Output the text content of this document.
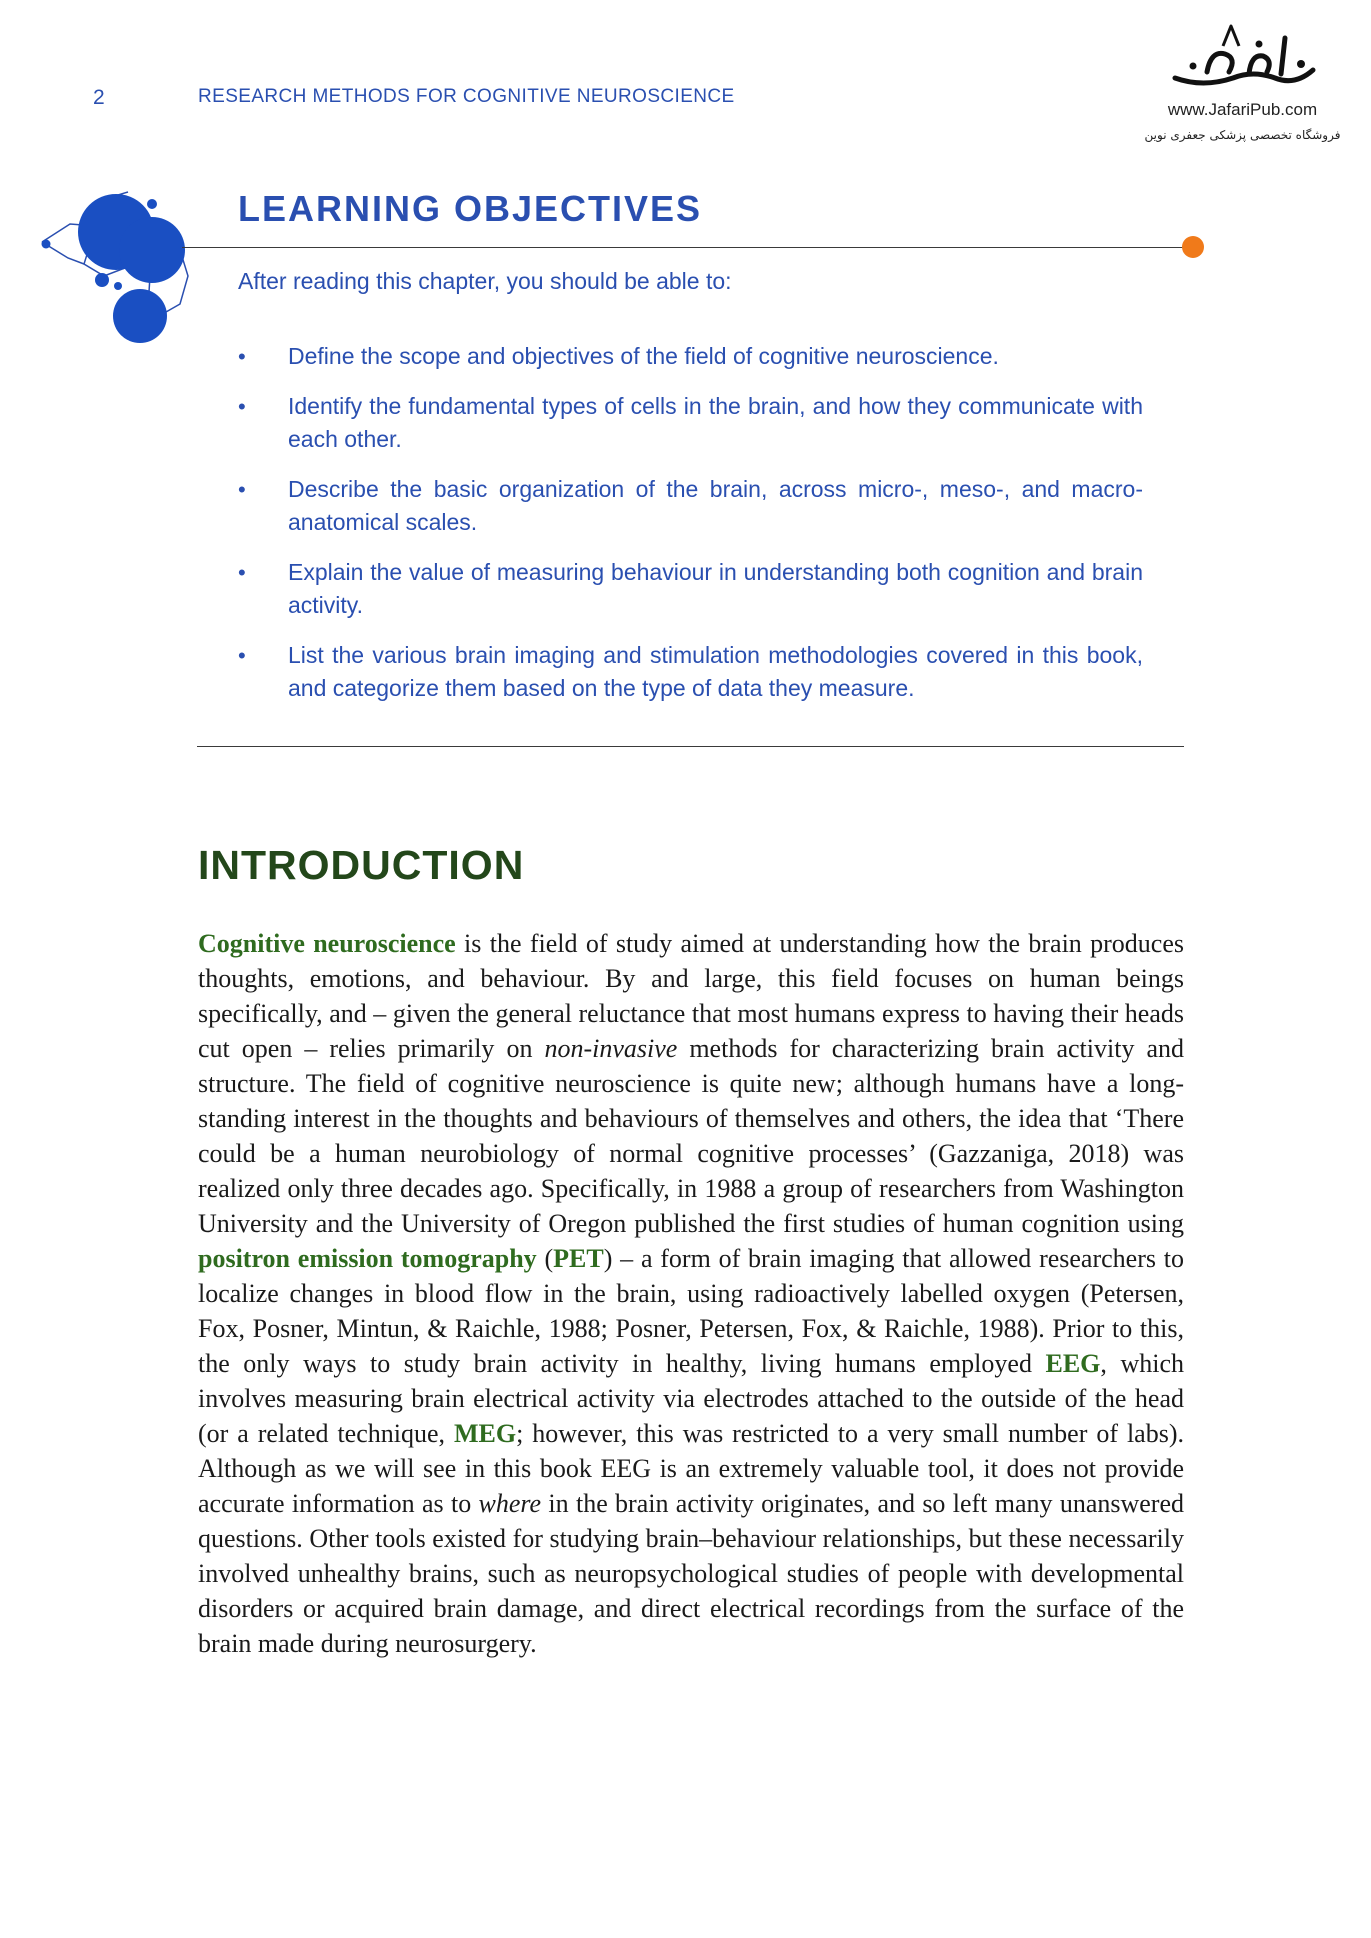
2	RESEARCH METHODS FOR COGNITIVE NEUROSCIENCE
www.JafariPub.com
فروشگاه تخصصی پزشکی جعفری نوین
LEARNING OBJECTIVES
After reading this chapter, you should be able to:
•	Define the scope and objectives of the field of cognitive neuroscience.
•	Identify the fundamental types of cells in the brain, and how they communicate with each other.
•	Describe the basic organization of the brain, across micro-, meso-, and macro-anatomical scales.
•	Explain the value of measuring behaviour in understanding both cognition and brain activity.
•	List the various brain imaging and stimulation methodologies covered in this book, and categorize them based on the type of data they measure.
INTRODUCTION

Cognitive neuroscience is the field of study aimed at understanding how the brain produces thoughts, emotions, and behaviour. By and large, this field focuses on human beings specifically, and – given the general reluctance that most humans express to having their heads cut open – relies primarily on non-invasive methods for characterizing brain activity and structure. The field of cognitive neuroscience is quite new; although humans have a long-standing interest in the thoughts and behaviours of themselves and others, the idea that ‘There could be a human neurobiology of normal cognitive processes’ (Gazzaniga, 2018) was realized only three decades ago. Specifically, in 1988 a group of researchers from Washington University and the University of Oregon published the first studies of human cognition using positron emission tomography (PET) – a form of brain imaging that allowed researchers to localize changes in blood flow in the brain, using radioactively labelled oxygen (Petersen, Fox, Posner, Mintun, & Raichle, 1988; Posner, Petersen, Fox, & Raichle, 1988). Prior to this, the only ways to study brain activity in healthy, living humans employed EEG, which involves measuring brain electrical activity via electrodes attached to the outside of the head (or a related technique, MEG; however, this was restricted to a very small number of labs). Although as we will see in this book EEG is an extremely valuable tool, it does not provide accurate information as to where in the brain activity originates, and so left many unanswered questions. Other tools existed for studying brain–behaviour relationships, but these necessarily involved unhealthy brains, such as neuropsychological studies of people with developmental disorders or acquired brain damage, and direct electrical recordings from the surface of the brain made during neurosurgery.
